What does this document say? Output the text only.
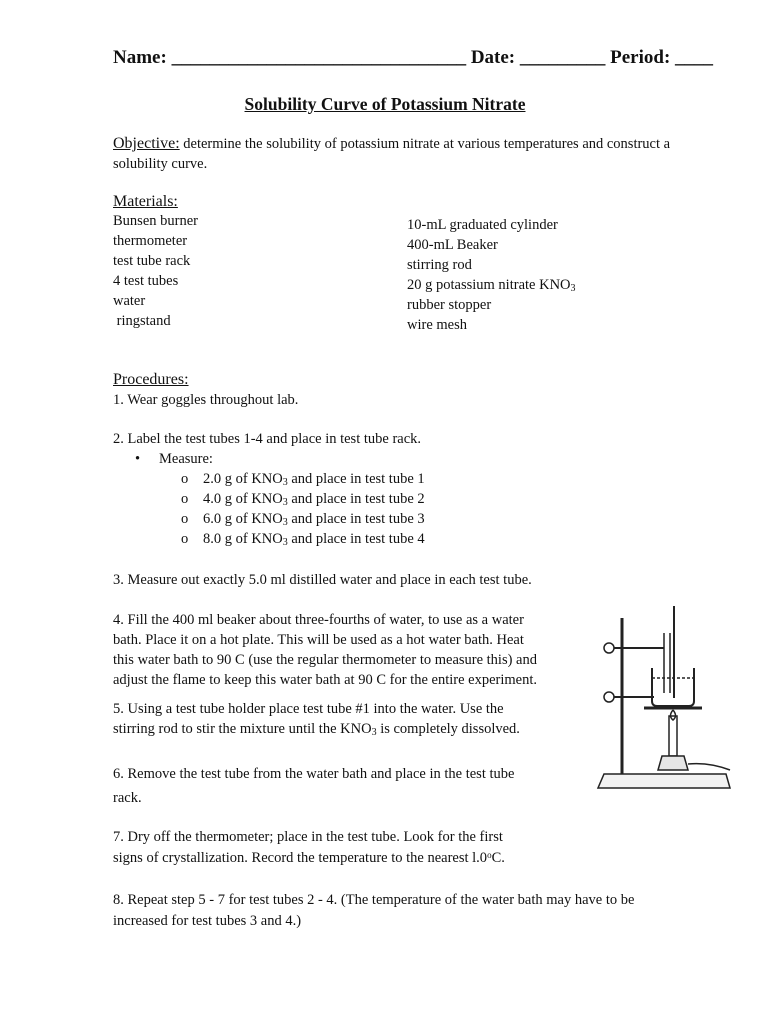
Name: _______________________________ Date: _________ Period: ____
Solubility Curve of Potassium Nitrate
Objective: determine the solubility of potassium nitrate at various temperatures and construct a solubility curve.
Materials:
Bunsen burner
thermometer
test tube rack
4 test tubes
water
ringstand
10-mL graduated cylinder
400-mL Beaker
stirring rod
20 g potassium nitrate $KNO_3$
rubber stopper
wire mesh
Procedures:
1. Wear goggles throughout lab.
2. Label the test tubes 1-4 and place in test tube rack.
• Measure:
o 2.0 g of $KNO_3$ and place in test tube 1
o 4.0 g of $KNO_3$ and place in test tube 2
o 6.0 g of $KNO_3$ and place in test tube 3
o 8.0 g of $KNO_3$ and place in test tube 4
3. Measure out exactly 5.0 ml distilled water and place in each test tube.
4. Fill the 400 ml beaker about three-fourths of water, to use as a water
bath. Place it on a hot plate. This will be used as a hot water bath. Heat
this water bath to 90 C (use the regular thermometer to measure this) and
adjust the flame to keep this water bath at 90 C for the entire experiment.
5. Using a test tube holder place test tube #1 into the water. Use the
stirring rod to stir the mixture until the $KNO_3$ is completely dissolved.
6. Remove the test tube from the water bath and place in the test tube
rack.
7. Dry off the thermometer; place in the test tube. Look for the first
signs of crystallization. Record the temperature to the nearest l.0$^o$C.
8. Repeat step 5 - 7 for test tubes 2 - 4. (The temperature of the water bath may have to be
increased for test tubes 3 and 4.)
